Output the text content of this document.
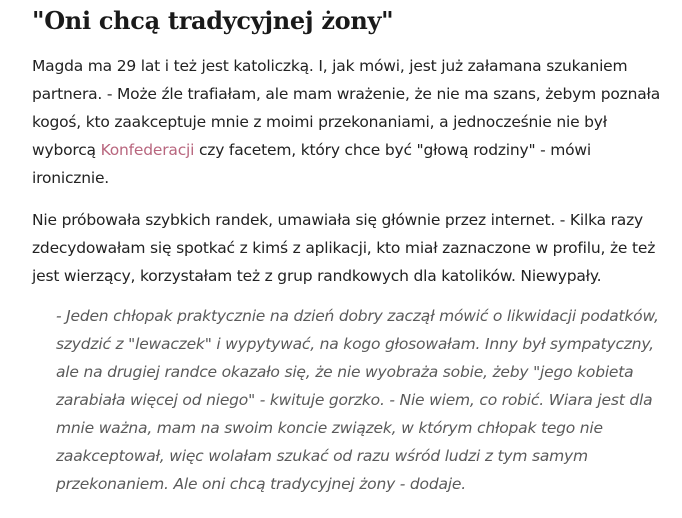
"Oni chcą tradycyjnej żony"

Magda ma 29 lat i też jest katoliczką. I, jak mówi, jest już załamana szukaniem partnera. - Może źle trafiałam, ale mam wrażenie, że nie ma szans, żebym poznała kogoś, kto zaakceptuje mnie z moimi przekonaniami, a jednocześnie nie był wyborcą Konfederacji czy facetem, który chce być "głową rodziny" - mówi ironicznie.

Nie próbowała szybkich randek, umawiała się głównie przez internet. - Kilka razy zdecydowałam się spotkać z kimś z aplikacji, kto miał zaznaczone w profilu, że też jest wierzący, korzystałam też z grup randkowych dla katolików. Niewypały.

- Jeden chłopak praktycznie na dzień dobry zaczął mówić o likwidacji podatków, szydzić z "lewaczek" i wypytywać, na kogo głosowałam. Inny był sympatyczny, ale na drugiej randce okazało się, że nie wyobraża sobie, żeby "jego kobieta zarabiała więcej od niego" - kwituje gorzko. - Nie wiem, co robić. Wiara jest dla mnie ważna, mam na swoim koncie związek, w którym chłopak tego nie zaakceptował, więc wolałam szukać od razu wśród ludzi z tym samym przekonaniem. Ale oni chcą tradycyjnej żony - dodaje.
